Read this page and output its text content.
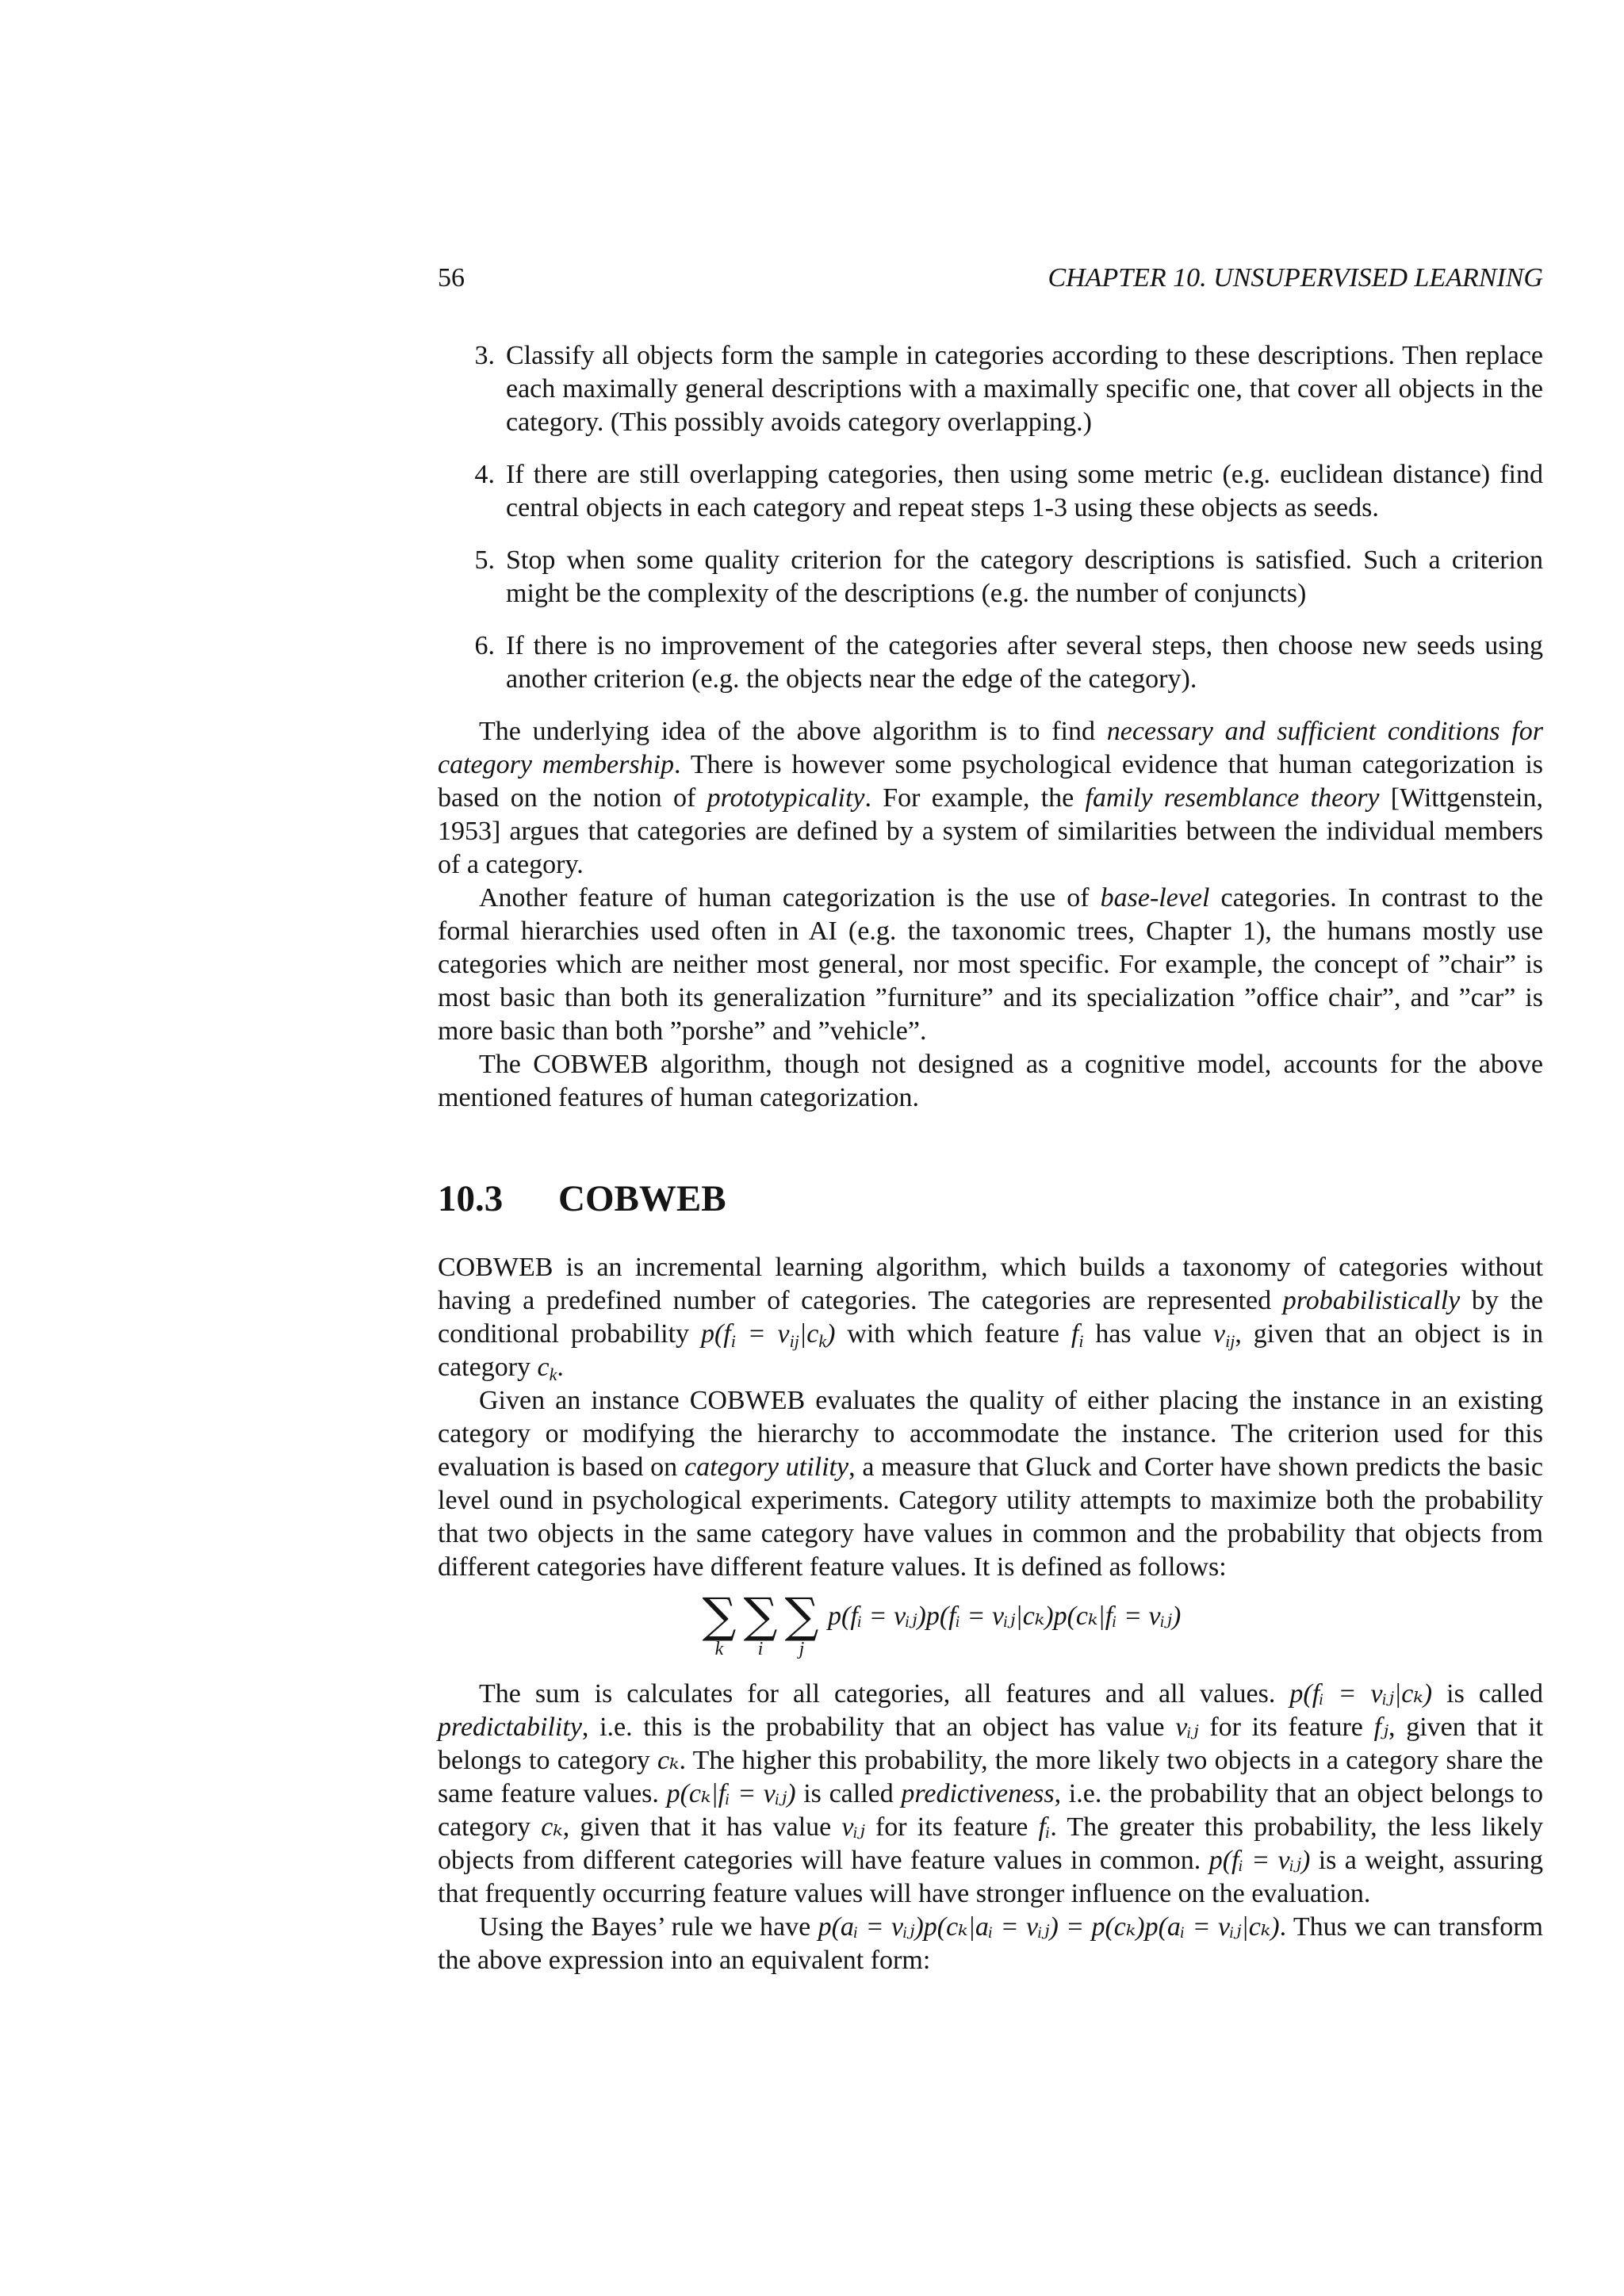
56	CHAPTER 10. UNSUPERVISED LEARNING
3. Classify all objects form the sample in categories according to these descriptions. Then replace each maximally general descriptions with a maximally specific one, that cover all objects in the category. (This possibly avoids category overlapping.)
4. If there are still overlapping categories, then using some metric (e.g. euclidean distance) find central objects in each category and repeat steps 1-3 using these objects as seeds.
5. Stop when some quality criterion for the category descriptions is satisfied. Such a criterion might be the complexity of the descriptions (e.g. the number of conjuncts)
6. If there is no improvement of the categories after several steps, then choose new seeds using another criterion (e.g. the objects near the edge of the category).

The underlying idea of the above algorithm is to find necessary and sufficient conditions for category membership. There is however some psychological evidence that human categorization is based on the notion of prototypicality. For example, the family resemblance theory [Wittgenstein, 1953] argues that categories are defined by a system of similarities between the individual members of a category.

Another feature of human categorization is the use of base-level categories. In contrast to the formal hierarchies used often in AI (e.g. the taxonomic trees, Chapter 1), the humans mostly use categories which are neither most general, nor most specific. For example, the concept of ”chair” is most basic than both its generalization ”furniture” and its specialization ”office chair”, and ”car” is more basic than both ”porshe” and ”vehicle”.

The COBWEB algorithm, though not designed as a cognitive model, accounts for the above mentioned features of human categorization.

10.3 COBWEB

COBWEB is an incremental learning algorithm, which builds a taxonomy of categories without having a predefined number of categories. The categories are represented probabilistically by the conditional probability $p(f_i = v_{ij}|c_k)$ with which feature $f_i$ has value $v_{ij}$, given that an object is in category $c_k$.

Given an instance COBWEB evaluates the quality of either placing the instance in an existing category or modifying the hierarchy to accommodate the instance. The criterion used for this evaluation is based on category utility, a measure that Gluck and Corter have shown predicts the basic level ound in psychological experiments. Category utility attempts to maximize both the probability that two objects in the same category have values in common and the probability that objects from different categories have different feature values. It is defined as follows:

∑
k
∑
i
∑
j
p(fᵢ = vᵢⱼ)p(fᵢ = vᵢⱼ|cₖ)p(cₖ|fᵢ = vᵢⱼ)

The sum is calculates for all categories, all features and all values. p(fᵢ = vᵢⱼ|cₖ) is called predictability, i.e. this is the probability that an object has value vᵢⱼ for its feature fⱼ, given that it belongs to category cₖ. The higher this probability, the more likely two objects in a category share the same feature values. p(cₖ|fᵢ = vᵢⱼ) is called predictiveness, i.e. the probability that an object belongs to category cₖ, given that it has value vᵢⱼ for its feature fᵢ. The greater this probability, the less likely objects from different categories will have feature values in common. p(fᵢ = vᵢⱼ) is a weight, assuring that frequently occurring feature values will have stronger influence on the evaluation.

Using the Bayes’ rule we have p(aᵢ = vᵢⱼ)p(cₖ|aᵢ = vᵢⱼ) = p(cₖ)p(aᵢ = vᵢⱼ|cₖ). Thus we can transform the above expression into an equivalent form:
